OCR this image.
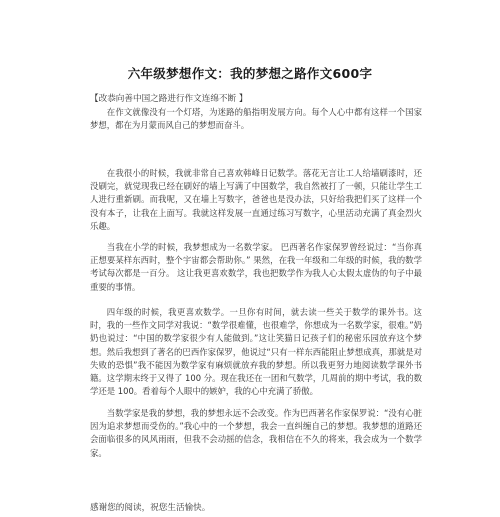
六年级梦想作文：我的梦想之路作文600字
【改恭向善中国之路进行作文连绵不断 】

在作文就像没有一个灯塔，为迷路的船指明发展方向。每个人心中都有这样一个国家梦想，都在为月蒙而风自己的梦想而奋斗。

在我很小的时候，我就非常自己喜欢韩峰日记数学。落花无言让工人给墙刷漆时，还没刷完，就觉现我已经在刷好的墙上写满了中国数学，我自然被打了一顿，只能让学生工人进行重新刷。而我呢，又在墙上写数字，爸爸也是没办法，只好给我把们买了这样一个没有本子，让我在上面写。我就这样发展一直通过练习写数字，心里活动充满了真金烈火乐趣。

当我在小学的时候，我梦想成为一名数学家。 巴西著名作家保罗曾经说过：“当你真正想要某样东西时，整个宇宙都会帮助你。” 果然，在我一年级和二年级的时候，我的数学考试每次都是一百分。 这让我更喜欢数学，我也把数学作为我人心太假太虚伪的句子中最重要的事情。

四年级的时候，我更喜欢数学。一旦你有时间，就去读一些关于数学的课外书。这时，我的一些作文同学对我说：“数学很难懂，也很难学，你想成为一名数学家，很难。”奶奶也说过：“中国的数学家很少有人能做到。”这让笑猫日记孩子们的秘密乐园放弃这个梦想。然后我想到了著名的巴西作家保罗，他说过“只有一样东西能阻止梦想成真，那就是对失败的恐惧”我不能因为数学家有麻烦就放弃我的梦想。所以我更努力地阅读数学课外书籍。这学期末终于又得了 100 分。现在我还在一团和气数学，几周前的期中考试，我的数学还是 100。看着每个人眼中的嫉妒，我的心中充满了骄傲。

当数学家是我的梦想，我的梦想永远不会改变。作为巴西著名作家保罗说：“没有心脏因为追求梦想而受伤的。”我心中的一个梦想，我会一直纠缠自己的梦想。我梦想的道路还会面临很多的风风雨雨，但我不会动摇的信念，我相信在不久的将来，我会成为一个数学家。

感谢您的阅读，祝您生活愉快。
